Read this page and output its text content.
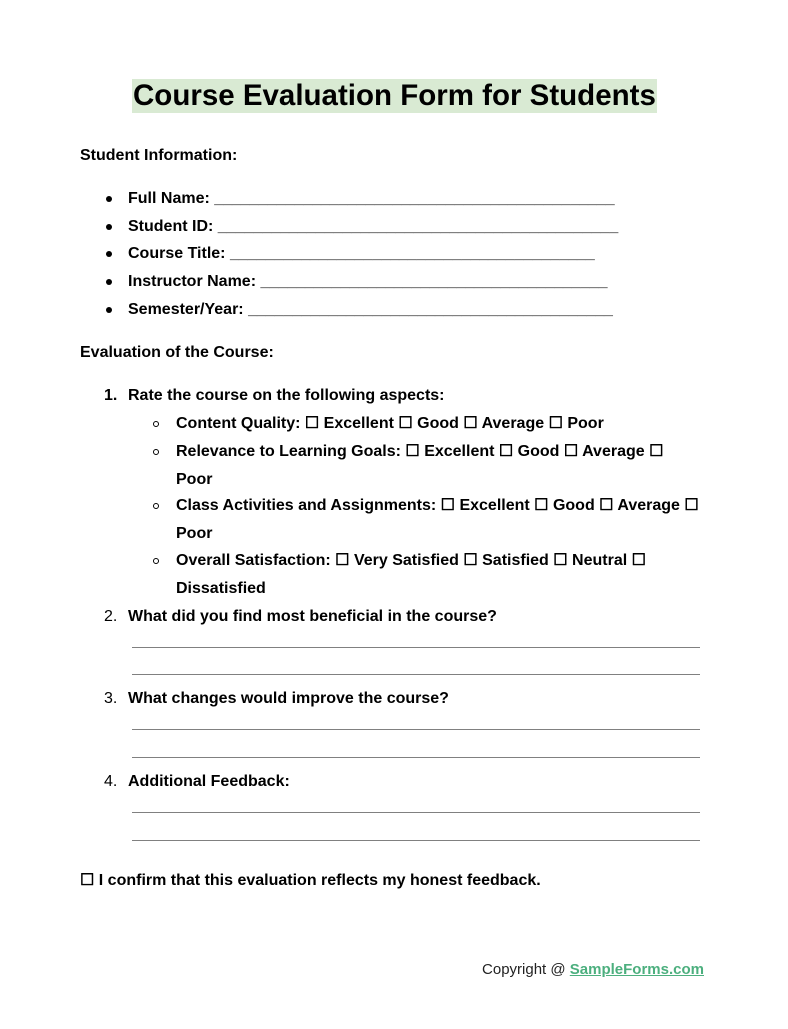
Course Evaluation Form for Students
Student Information:
Full Name: _____________________________________________
Student ID: _____________________________________________
Course Title: _________________________________________
Instructor Name: _______________________________________
Semester/Year: _________________________________________
Evaluation of the Course:
1. Rate the course on the following aspects:
Content Quality: ☐ Excellent ☐ Good ☐ Average ☐ Poor
Relevance to Learning Goals: ☐ Excellent ☐ Good ☐ Average ☐
Poor
Class Activities and Assignments: ☐ Excellent ☐ Good ☐ Average ☐
Poor
Overall Satisfaction: ☐ Very Satisfied ☐ Satisfied ☐ Neutral ☐
Dissatisfied
2. What did you find most beneficial in the course?
3. What changes would improve the course?
4. Additional Feedback:
☐ I confirm that this evaluation reflects my honest feedback.
Copyright @ SampleForms.com
